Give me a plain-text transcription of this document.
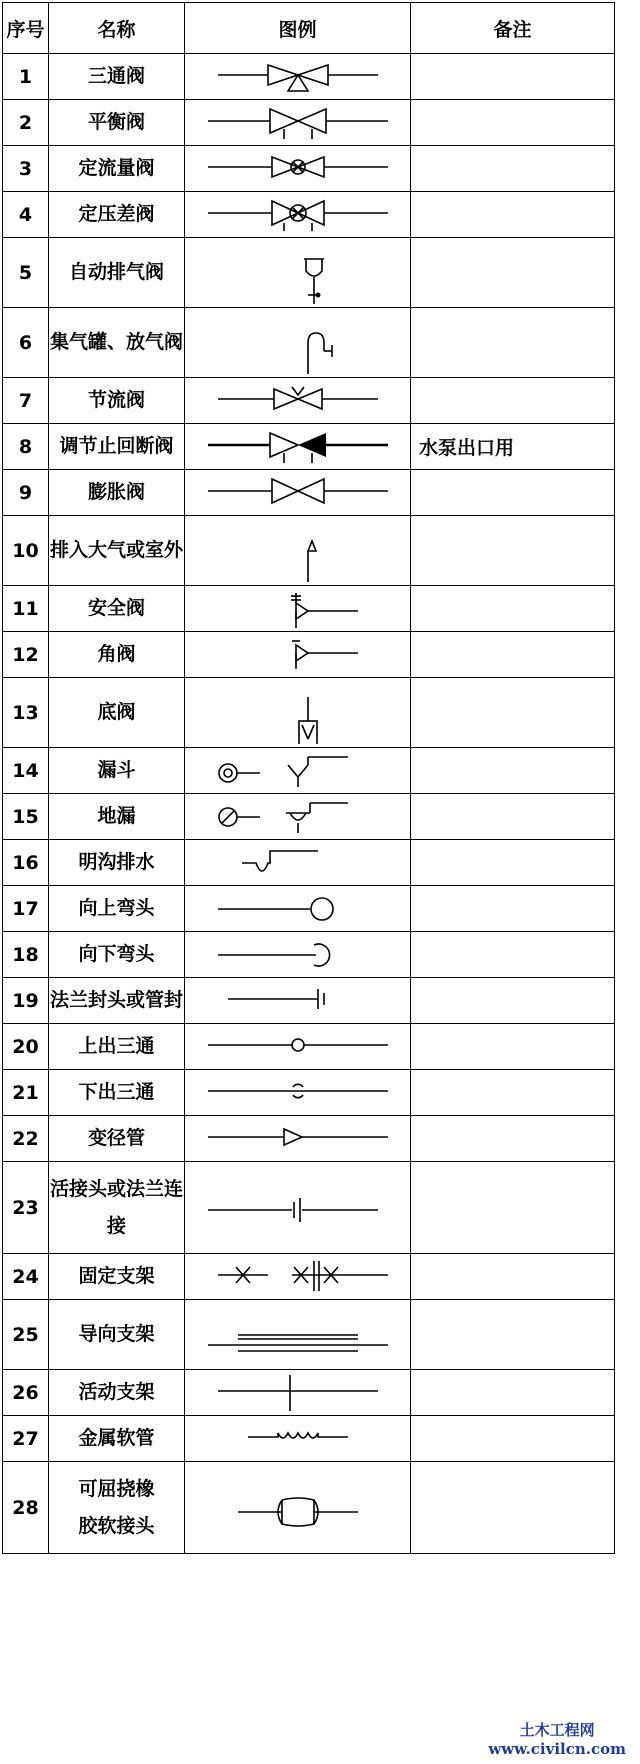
序号	名称	图例	备注
1	三通阀	

2	平衡阀	

3	定流量阀	

4	定压差阀	

5	自动排气阀	

6	集气罐、放气阀	

7	节流阀	

8	调节止回断阀		水泵出口用
9	膨胀阀	

10	排入大气或室外	

11	安全阀	

12	角阀	

13	底阀	

14	漏斗	

15	地漏	

16	明沟排水	

17	向上弯头	

18	向下弯头	

19	法兰封头或管封	

20	上出三通	

21	下出三通	

22	变径管	

23	活接头或法兰连
接	

24	固定支架	

25	导向支架	

26	活动支架	

27	金属软管	

28	可屈挠橡
胶软接头	

土木工程网
www.civilcn.com
